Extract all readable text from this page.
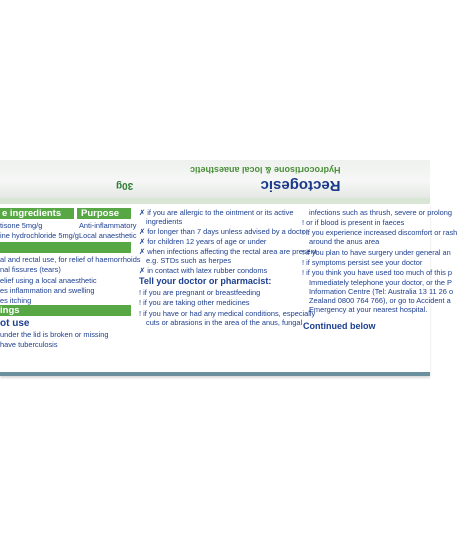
Rectogesic
Hydrocortisone & local anaesthetic
30g
e ingredients	Purpose
tisone 5mg/g	Anti-inflammatory
ine hydrochloride 5mg/g Local anaesthetic
al and rectal use, for relief of haemorrhoids
nal fissures (tears)
elief using a local anaesthetic
es inflammation and swelling
es itching
ings
ot use
under the lid is broken or missing
have tuberculosis
✗ if you are allergic to the ointment or its active
ingredients
✗ for longer than 7 days unless advised by a doctor
✗ for children 12 years of age or under
✗ when infections affecting the rectal area are present
e.g. STDs such as herpes
✗ in contact with latex rubber condoms
Tell your doctor or pharmacist:
! if you are pregnant or breastfeeding
! if you are taking other medicines
! if you have or had any medical conditions, especially
cuts or abrasions in the area of the anus, fungal
infections such as thrush, severe or prolong
! or if blood is present in faeces
! if you experience increased discomfort or rash
around the anus area
! if you plan to have surgery under general an
! if symptoms persist see your doctor
! if you think you have used too much of this p
Immediately telephone your doctor, or the P
Information Centre (Tel: Australia 13 11 26 o
Zealand 0800 764 766), or go to Accident a
Emergency at your nearest hospital.
Continued below
